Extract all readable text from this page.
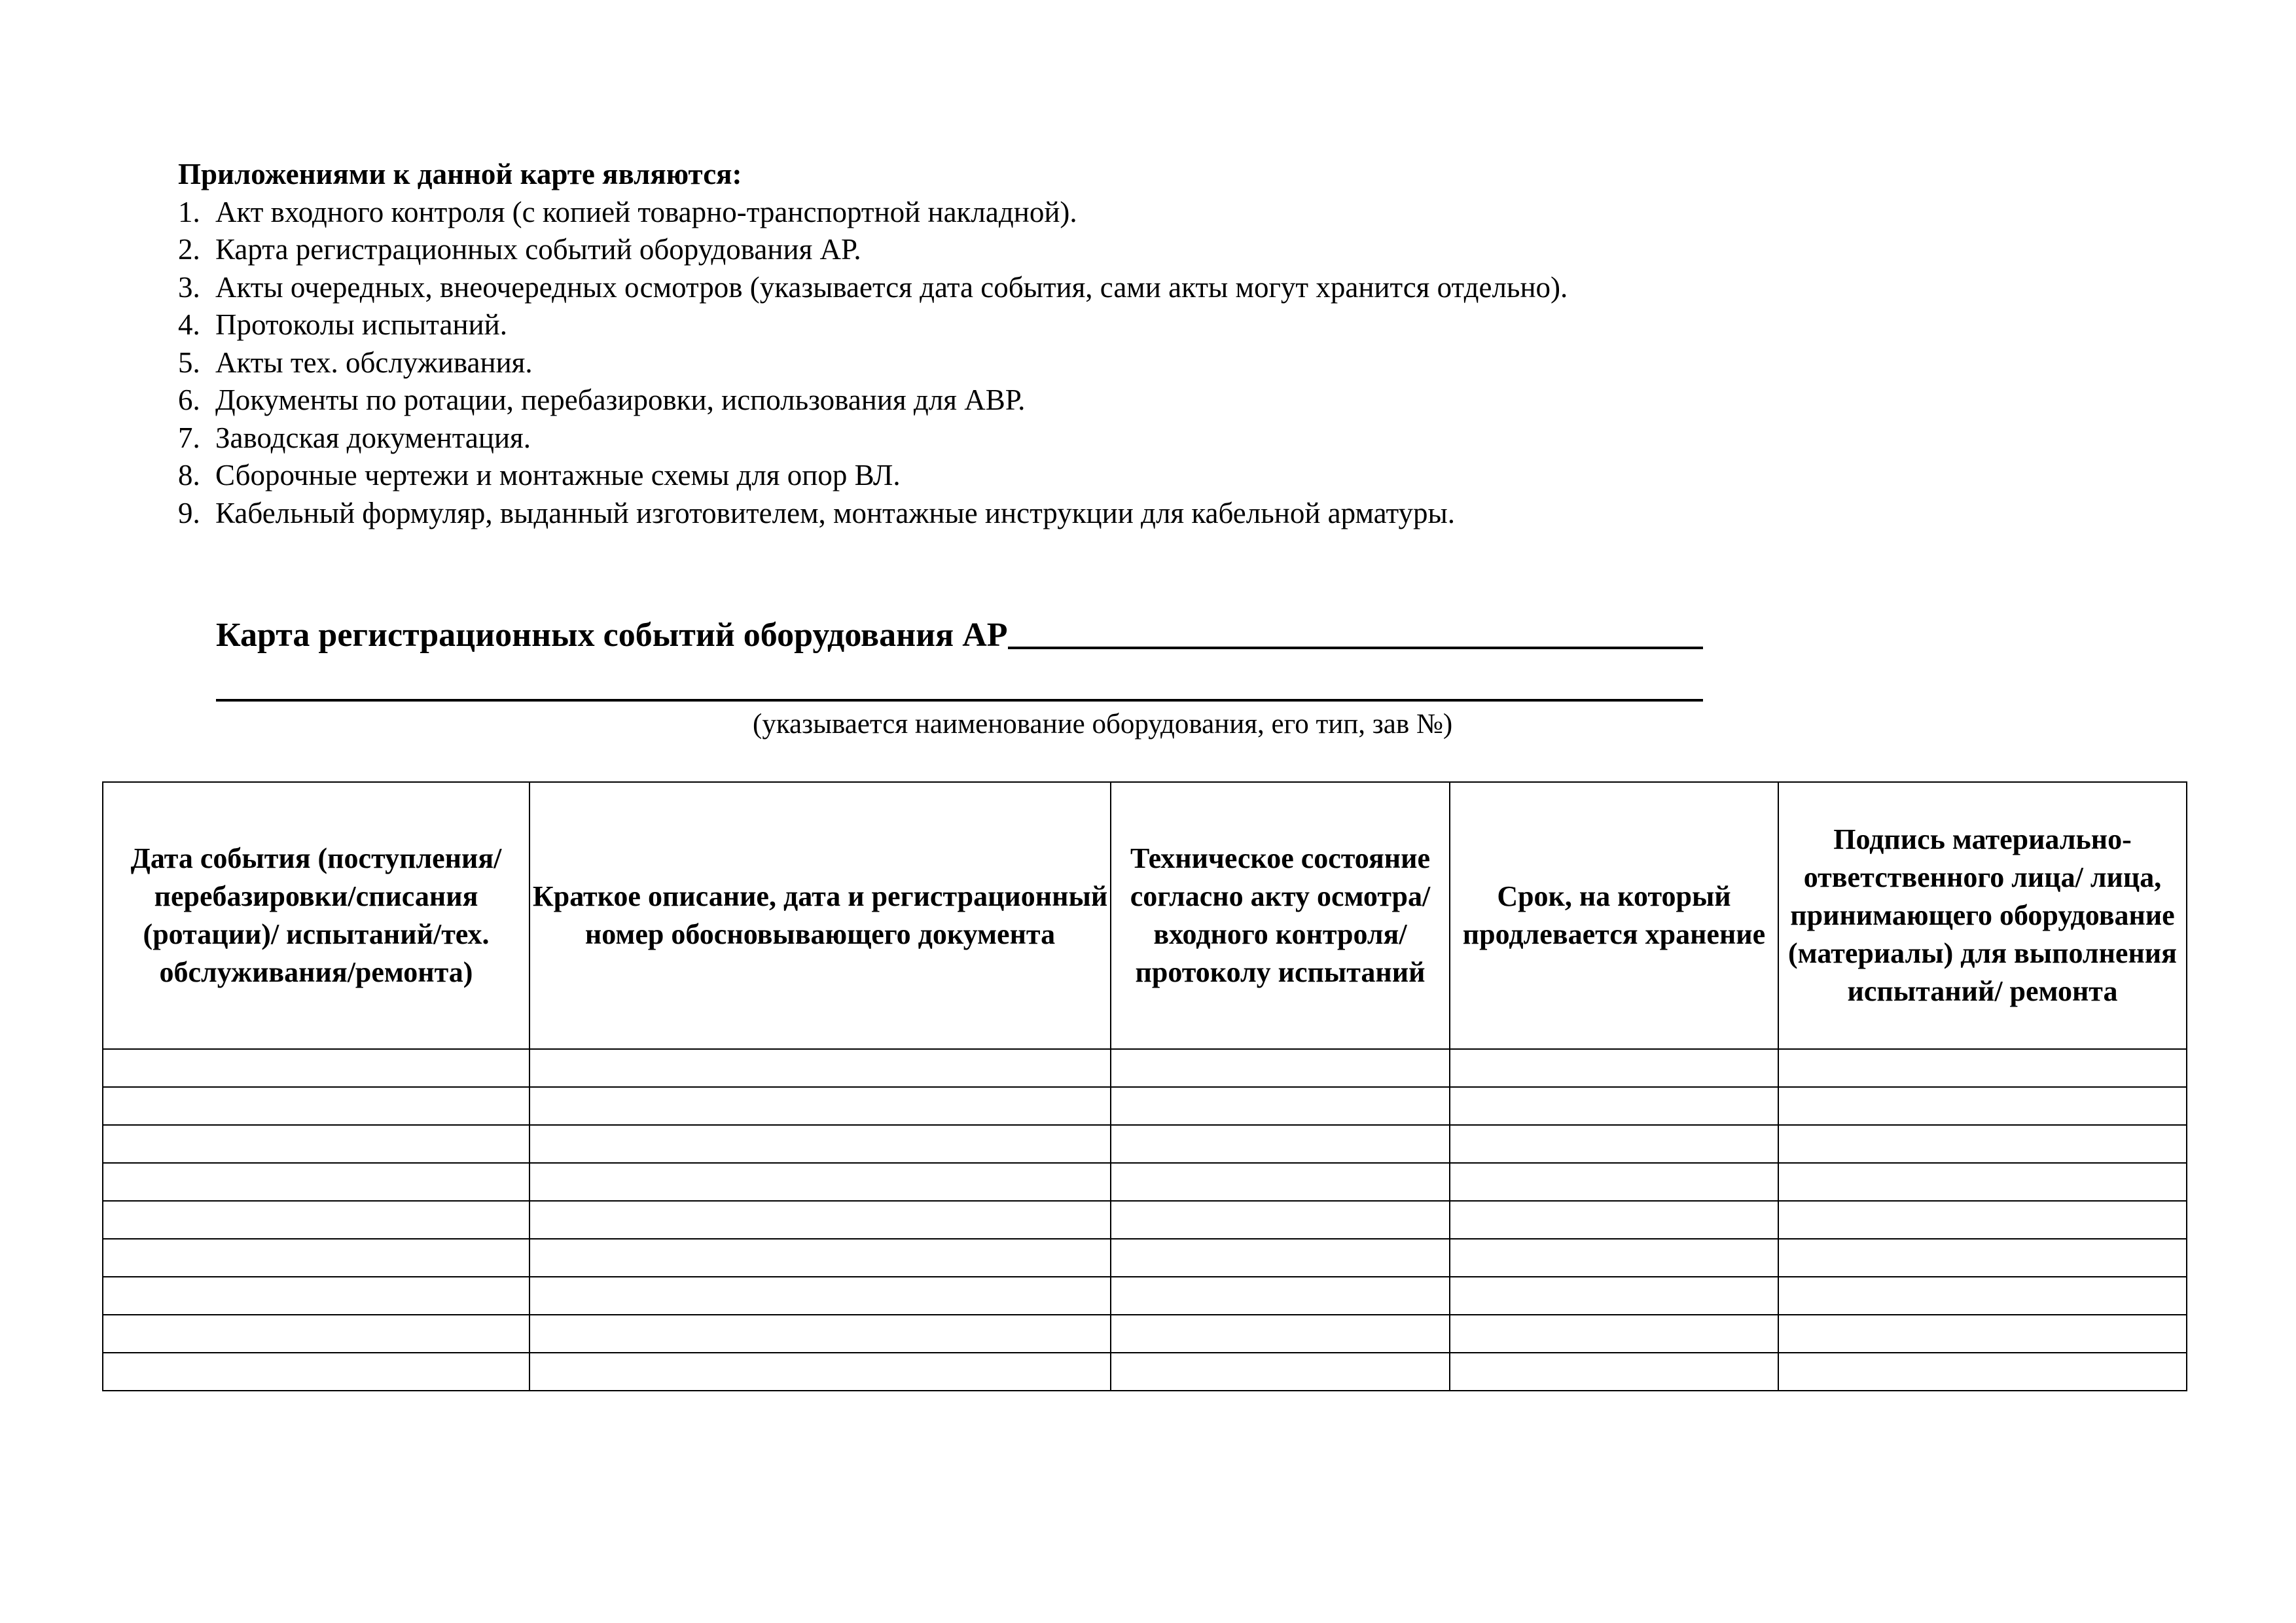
Приложениями к данной карте являются:
1. Акт входного контроля (с копией товарно-транспортной накладной).
2. Карта регистрационных событий оборудования АР.
3. Акты очередных, внеочередных осмотров (указывается дата события, сами акты могут хранится отдельно).
4. Протоколы испытаний.
5. Акты тех. обслуживания.
6. Документы по ротации, перебазировки, использования для АВР.
7. Заводская документация.
8. Сборочные чертежи и монтажные схемы для опор ВЛ.
9. Кабельный формуляр, выданный изготовителем, монтажные инструкции для кабельной арматуры.
Карта регистрационных событий оборудования АР
(указывается наименование оборудования, его тип, зав №)
Дата события (поступления/ перебазировки/списания (ротации)/ испытаний/тех. обслуживания/ремонта)	Краткое описание, дата и регистрационный номер обосновывающего документа	Техническое состояние согласно акту осмотра/входного контроля/протоколу испытаний	Срок, на который продлевается хранение	Подпись материально-ответственного лица/ лица, принимающего оборудование (материалы) для выполнения испытаний/ ремонта
